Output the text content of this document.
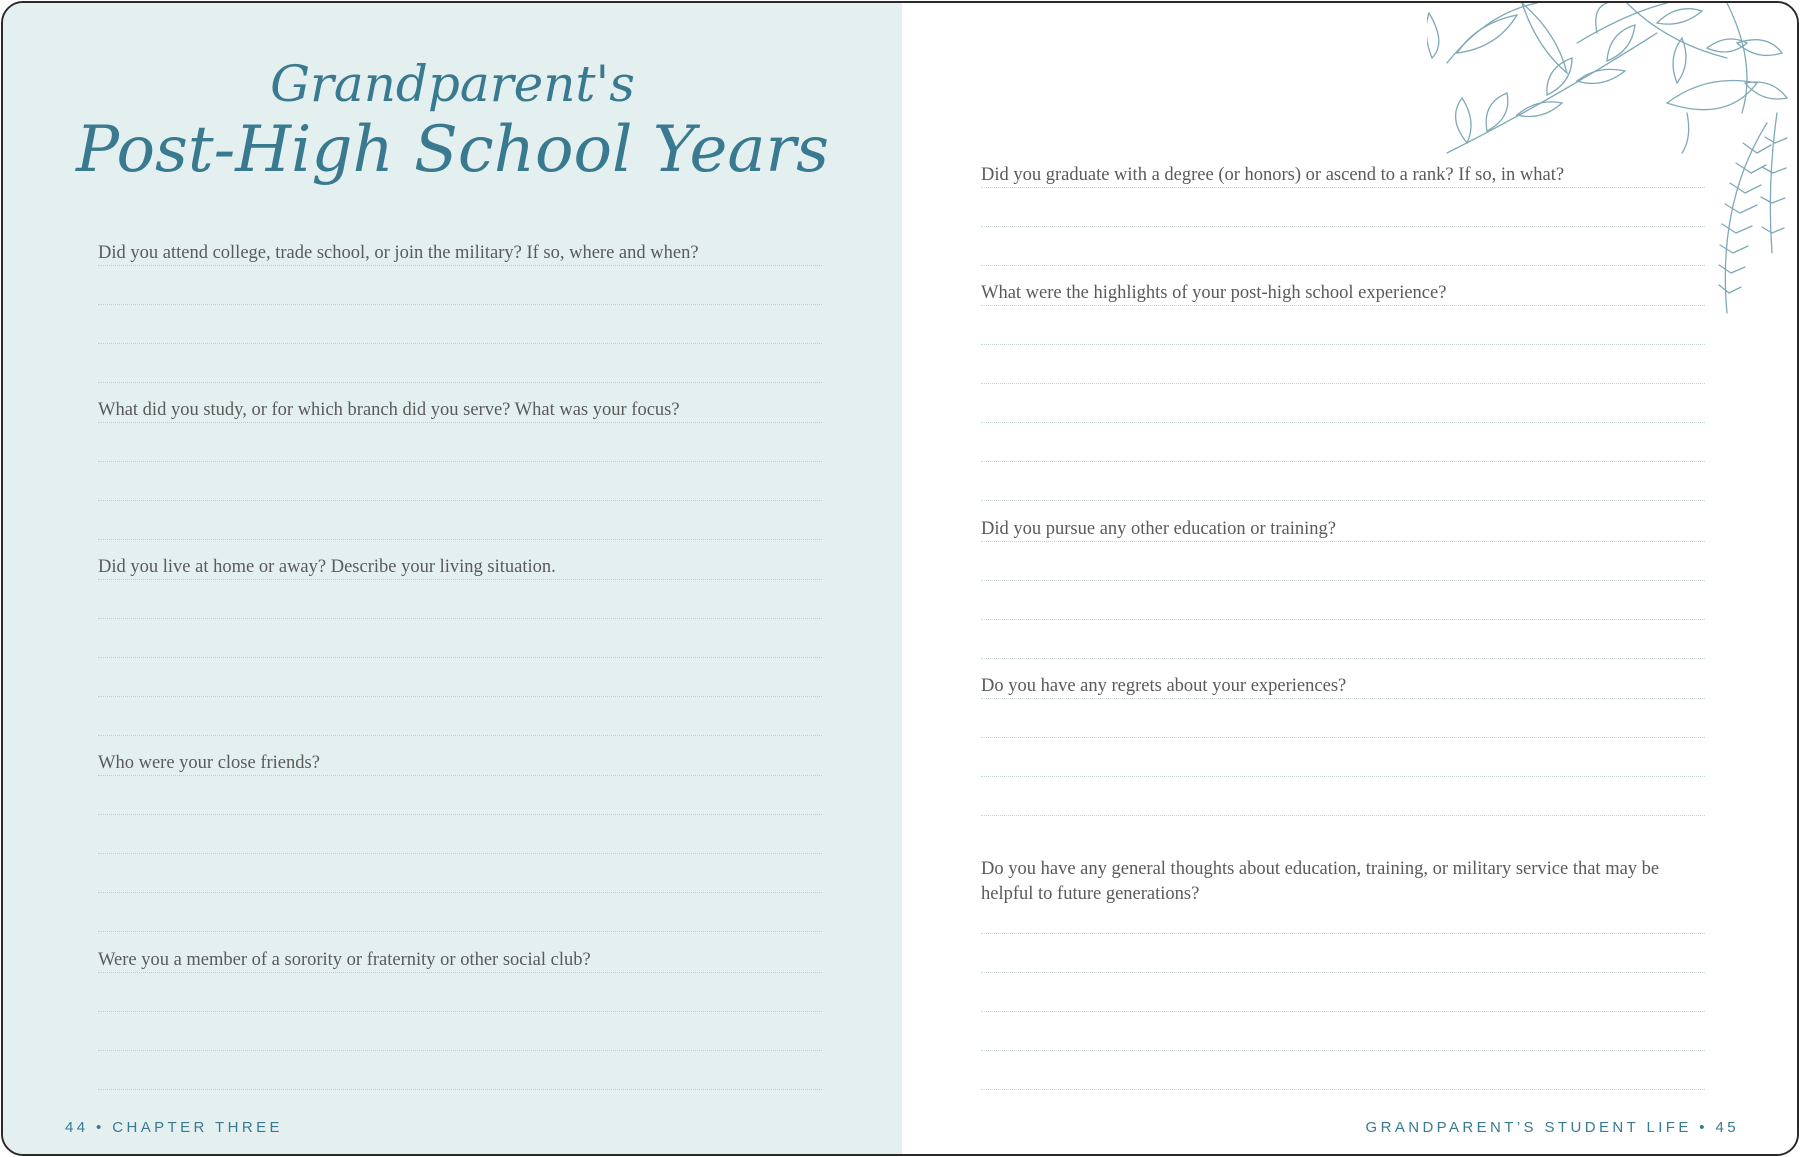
Grandparent's
Post-High School Years
Did you attend college, trade school, or join the military? If so, where and when?
What did you study, or for which branch did you serve? What was your focus?
Did you live at home or away? Describe your living situation.
Who were your close friends?
Were you a member of a sorority or fraternity or other social club?
44 • CHAPTER THREE
Did you graduate with a degree (or honors) or ascend to a rank? If so, in what?
What were the highlights of your post-high school experience?
Did you pursue any other education or training?
Do you have any regrets about your experiences?
Do you have any general thoughts about education, training, or military service that may be helpful to future generations?
GRANDPARENT’S STUDENT LIFE • 45
